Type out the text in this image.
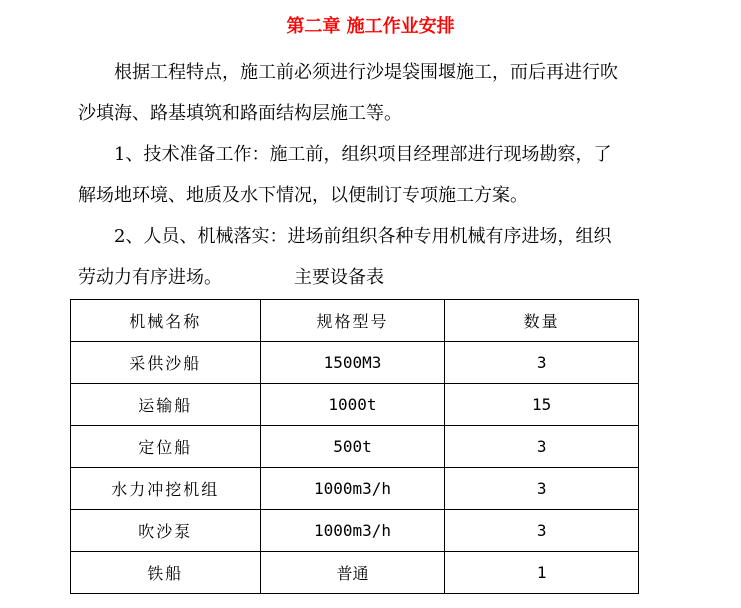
第二章 施工作业安排
根据工程特点，施工前必须进行沙堤袋围堰施工，而后再进行吹
沙填海、路基填筑和路面结构层施工等。
1、技术准备工作：施工前，组织项目经理部进行现场勘察，了
解场地环境、地质及水下情况，以便制订专项施工方案。
2、人员、机械落实：进场前组织各种专用机械有序进场，组织
劳动力有序进场。	主要设备表
机械名称	规格型号	数量
采供沙船	1500M3	3
运输船	1000t	15
定位船	500t	3
水力冲挖机组	1000m3/h	3
吹沙泵	1000m3/h	3
铁船	普通	1
